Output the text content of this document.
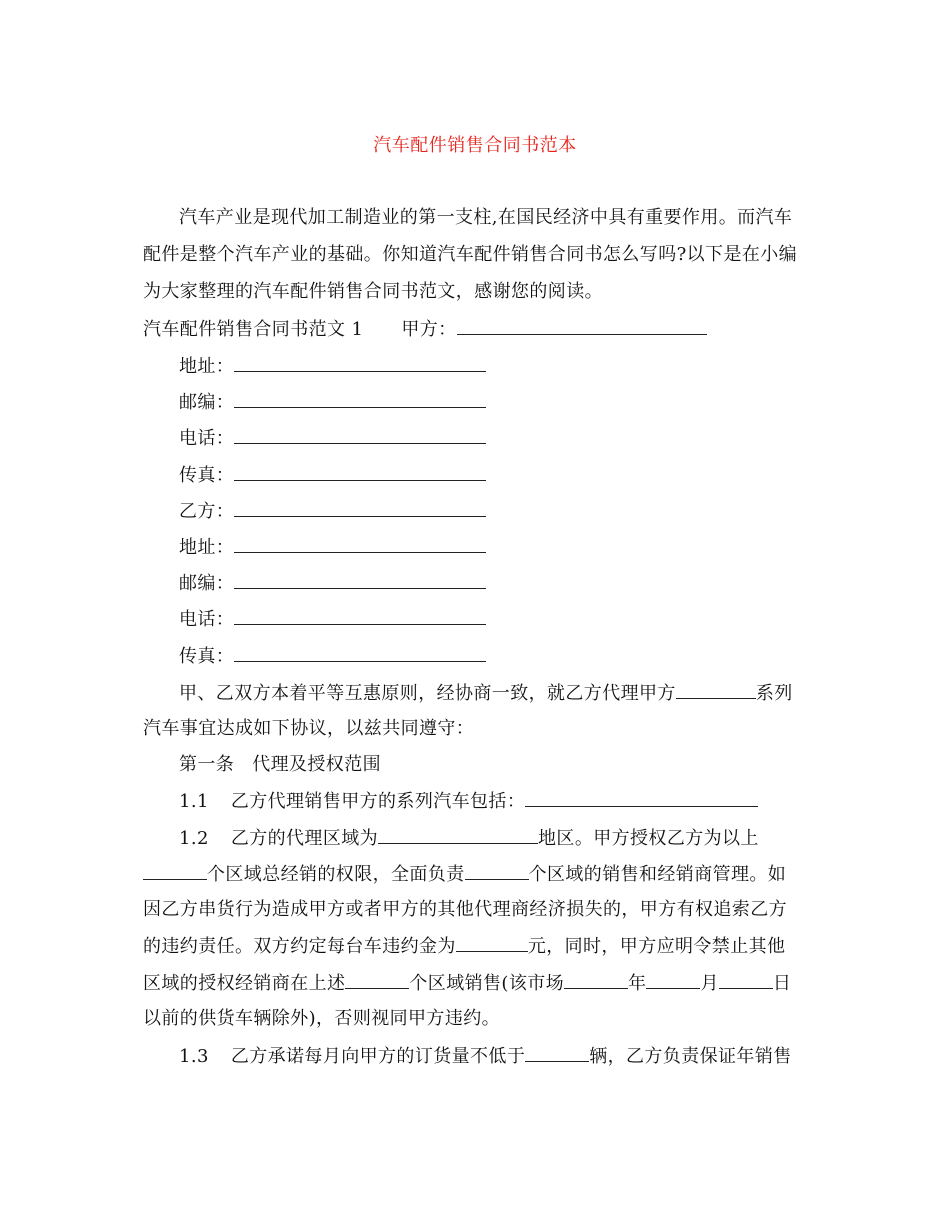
汽车配件销售合同书范本
汽车产业是现代加工制造业的第一支柱,在国民经济中具有重要作用。而汽车
配件是整个汽车产业的基础。你知道汽车配件销售合同书怎么写吗?以下是在小编
为大家整理的汽车配件销售合同书范文，感谢您的阅读。
汽车配件销售合同书范文 1 甲方：
地址：
邮编：
电话：
传真：
乙方：
地址：
邮编：
电话：
传真：
甲、乙双方本着平等互惠原则，经协商一致，就乙方代理甲方	系列
汽车事宜达成如下协议，以兹共同遵守：
第一条 代理及授权范围
1.1 乙方代理销售甲方的系列汽车包括：
1.2 乙方的代理区域为	地区。甲方授权乙方为以上
个区域总经销的权限，全面负责	个区域的销售和经销商管理。如
因乙方串货行为造成甲方或者甲方的其他代理商经济损失的，甲方有权追索乙方
的违约责任。双方约定每台车违约金为	元，同时，甲方应明令禁止其他
区域的授权经销商在上述	个区域销售(该市场	年	月	日
以前的供货车辆除外)，否则视同甲方违约。
1.3 乙方承诺每月向甲方的订货量不低于	辆，乙方负责保证年销售
